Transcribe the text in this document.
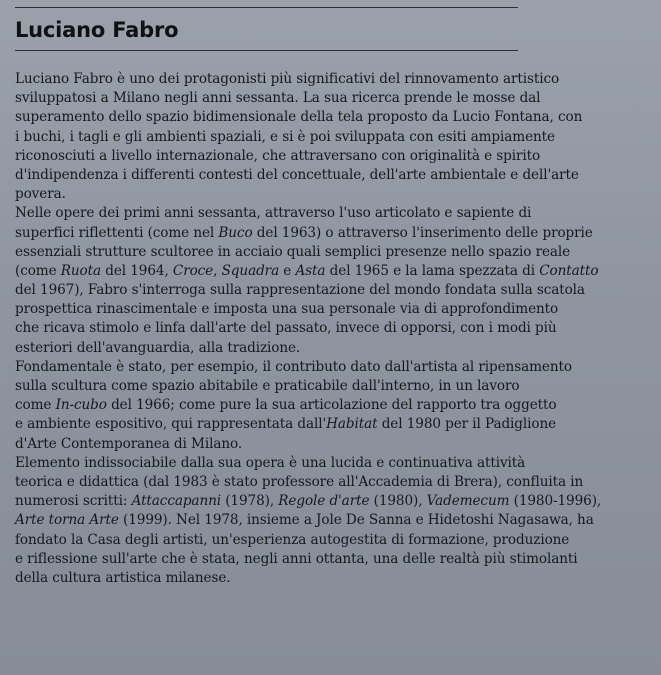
Luciano Fabro
Luciano Fabro è uno dei protagonisti più significativi del rinnovamento artistico
sviluppatosi a Milano negli anni sessanta. La sua ricerca prende le mosse dal
superamento dello spazio bidimensionale della tela proposto da Lucio Fontana, con
i buchi, i tagli e gli ambienti spaziali, e si è poi sviluppata con esiti ampiamente
riconosciuti a livello internazionale, che attraversano con originalità e spirito
d'indipendenza i differenti contesti del concettuale, dell'arte ambientale e dell'arte
povera.
Nelle opere dei primi anni sessanta, attraverso l'uso articolato e sapiente di
superfici riflettenti (come nel Buco del 1963) o attraverso l'inserimento delle proprie
essenziali strutture scultoree in acciaio quali semplici presenze nello spazio reale
(come Ruota del 1964, Croce, Squadra e Asta del 1965 e la lama spezzata di Contatto
del 1967), Fabro s'interroga sulla rappresentazione del mondo fondata sulla scatola
prospettica rinascimentale e imposta una sua personale via di approfondimento
che ricava stimolo e linfa dall'arte del passato, invece di opporsi, con i modi più
esteriori dell'avanguardia, alla tradizione.
Fondamentale è stato, per esempio, il contributo dato dall'artista al ripensamento
sulla scultura come spazio abitabile e praticabile dall'interno, in un lavoro
come In-cubo del 1966; come pure la sua articolazione del rapporto tra oggetto
e ambiente espositivo, qui rappresentata dall'Habitat del 1980 per il Padiglione
d'Arte Contemporanea di Milano.
Elemento indissociabile dalla sua opera è una lucida e continuativa attività
teorica e didattica (dal 1983 è stato professore all'Accademia di Brera), confluita in
numerosi scritti: Attaccapanni (1978), Regole d'arte (1980), Vademecum (1980-1996),
Arte torna Arte (1999). Nel 1978, insieme a Jole De Sanna e Hidetoshi Nagasawa, ha
fondato la Casa degli artisti, un'esperienza autogestita di formazione, produzione
e riflessione sull'arte che è stata, negli anni ottanta, una delle realtà più stimolanti
della cultura artistica milanese.
